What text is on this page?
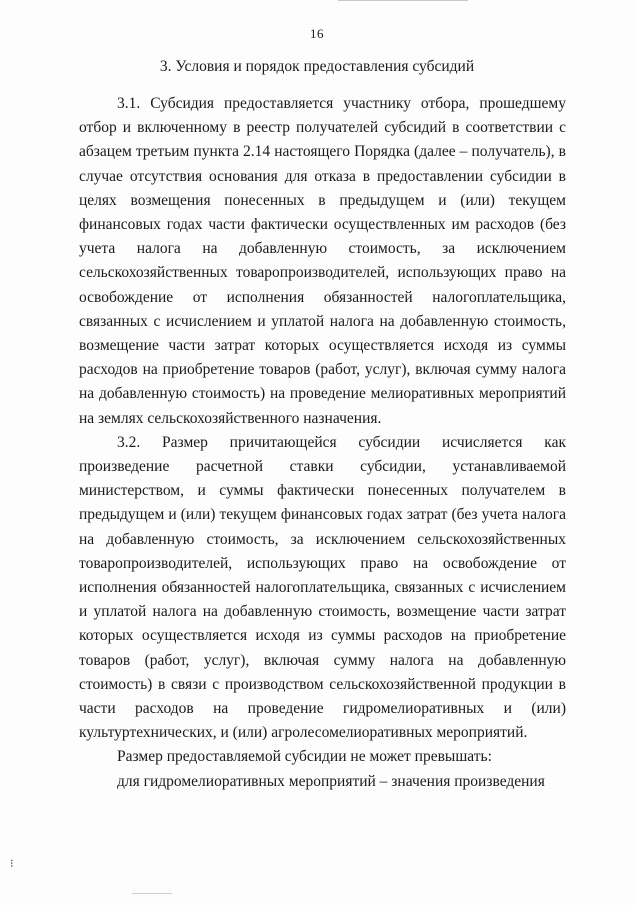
16
3. Условия и порядок предоставления субсидий

3.1. Субсидия предоставляется участнику отбора, прошедшему отбор и включенному в реестр получателей субсидий в соответствии с абзацем третьим пункта 2.14 настоящего Порядка (далее – получатель), в случае отсутствия основания для отказа в предоставлении субсидии в целях возмещения понесенных в предыдущем и (или) текущем финансовых годах части фактически осуществленных им расходов (без учета налога на добавленную стоимость, за исключением сельскохозяйственных товаропроизводителей, использующих право на освобождение от исполнения обязанностей налогоплательщика, связанных с исчислением и уплатой налога на добавленную стоимость, возмещение части затрат которых осуществляется исходя из суммы расходов на приобретение товаров (работ, услуг), включая сумму налога на добавленную стоимость) на проведение мелиоративных мероприятий на землях сельскохозяйственного назначения.

3.2. Размер причитающейся субсидии исчисляется как произведение расчетной ставки субсидии, устанавливаемой министерством, и суммы фактически понесенных получателем в предыдущем и (или) текущем финансовых годах затрат (без учета налога на добавленную стоимость, за исключением сельскохозяйственных товаропроизводителей, использующих право на освобождение от исполнения обязанностей налогоплательщика, связанных с исчислением и уплатой налога на добавленную стоимость, возмещение части затрат которых осуществляется исходя из суммы расходов на приобретение товаров (работ, услуг), включая сумму налога на добавленную стоимость) в связи с производством сельскохозяйственной продукции в части расходов на проведение гидромелиоративных и (или) культуртехнических, и (или) агролесомелиоративных мероприятий.

Размер предоставляемой субсидии не может превышать:

для гидромелиоративных мероприятий – значения произведения

⁝
